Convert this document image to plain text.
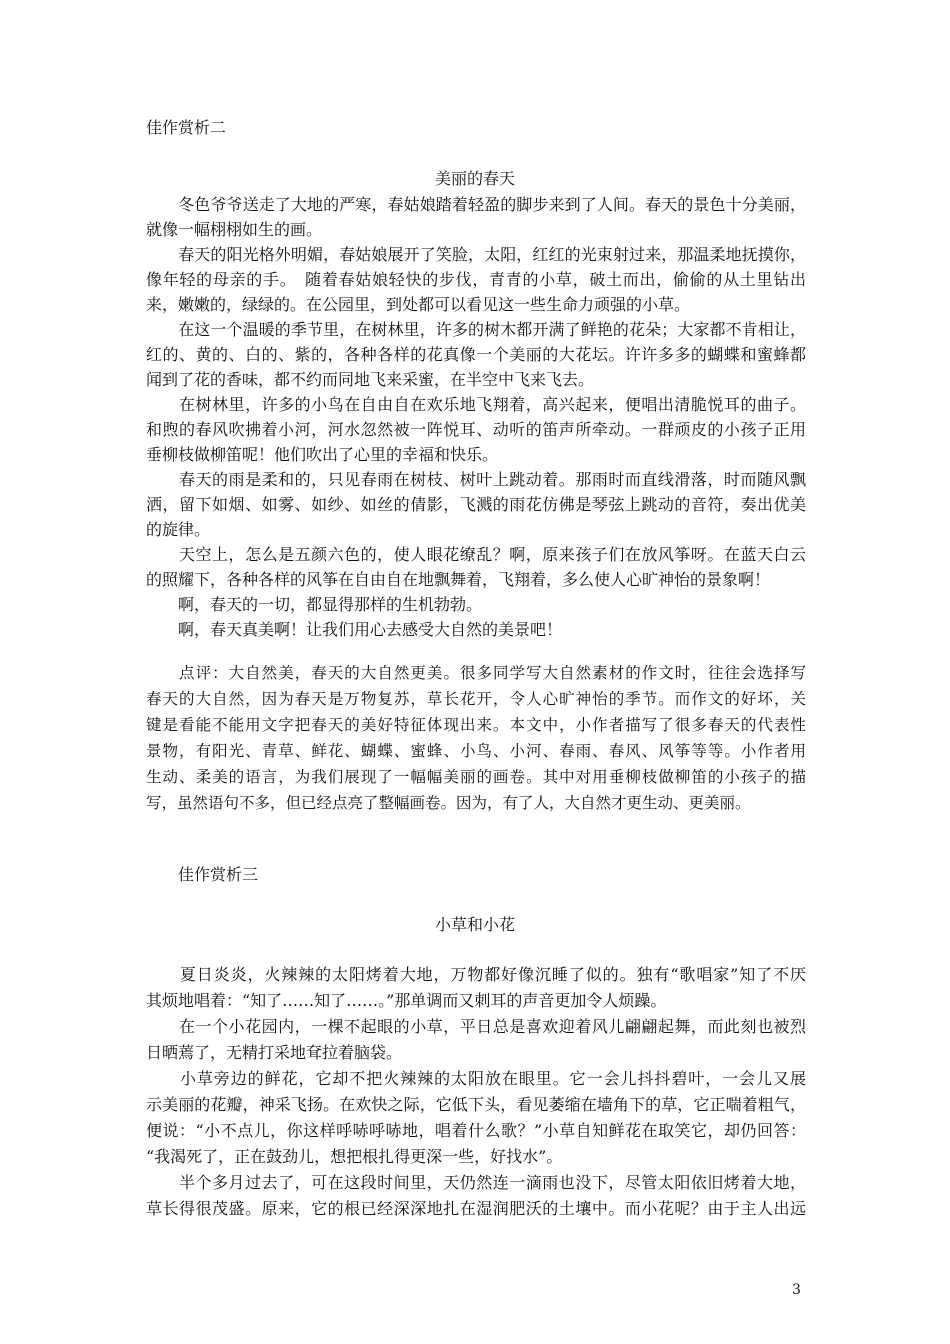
佳作赏析二
美丽的春天
　　冬色爷爷送走了大地的严寒，春姑娘踏着轻盈的脚步来到了人间。春天的景色十分美丽，
就像一幅栩栩如生的画。
　　春天的阳光格外明媚，春姑娘展开了笑脸，太阳，红红的光束射过来，那温柔地抚摸你，
像年轻的母亲的手。　随着春姑娘轻快的步伐，青青的小草，破土而出，偷偷的从土里钻出
来，嫩嫩的，绿绿的。在公园里，到处都可以看见这一些生命力顽强的小草。
　　在这一个温暖的季节里，在树林里，许多的树木都开满了鲜艳的花朵；大家都不肯相让，
红的、黄的、白的、紫的，各种各样的花真像一个美丽的大花坛。许许多多的蝴蝶和蜜蜂都
闻到了花的香味，都不约而同地飞来采蜜，在半空中飞来飞去。
　　在树林里，许多的小鸟在自由自在欢乐地飞翔着，高兴起来，便唱出清脆悦耳的曲子。
和煦的春风吹拂着小河，河水忽然被一阵悦耳、动听的笛声所牵动。一群顽皮的小孩子正用
垂柳枝做柳笛呢！他们吹出了心里的幸福和快乐。
　　春天的雨是柔和的，只见春雨在树枝、树叶上跳动着。那雨时而直线滑落，时而随风飘
洒，留下如烟、如雾、如纱、如丝的倩影，飞溅的雨花仿佛是琴弦上跳动的音符，奏出优美
的旋律。
　　天空上，怎么是五颜六色的，使人眼花缭乱？啊，原来孩子们在放风筝呀。在蓝天白云
的照耀下，各种各样的风筝在自由自在地飘舞着，飞翔着，多么使人心旷神怡的景象啊！
　　啊，春天的一切，都显得那样的生机勃勃。
　　啊，春天真美啊！让我们用心去感受大自然的美景吧！
　　点评：大自然美，春天的大自然更美。很多同学写大自然素材的作文时，往往会选择写
春天的大自然，因为春天是万物复苏，草长花开，令人心旷神怡的季节。而作文的好坏，关
键是看能不能用文字把春天的美好特征体现出来。本文中，小作者描写了很多春天的代表性
景物，有阳光、青草、鲜花、蝴蝶、蜜蜂、小鸟、小河、春雨、春风、风筝等等。小作者用
生动、柔美的语言，为我们展现了一幅幅美丽的画卷。其中对用垂柳枝做柳笛的小孩子的描
写，虽然语句不多，但已经点亮了整幅画卷。因为，有了人，大自然才更生动、更美丽。
佳作赏析三
小草和小花
　　夏日炎炎，火辣辣的太阳烤着大地，万物都好像沉睡了似的。独有“歌唱家”知了不厌
其烦地唱着：“知了……知了……。”那单调而又刺耳的声音更加令人烦躁。
　　在一个小花园内，一棵不起眼的小草，平日总是喜欢迎着风儿翩翩起舞，而此刻也被烈
日晒蔫了，无精打采地耷拉着脑袋。
　　小草旁边的鲜花，它却不把火辣辣的太阳放在眼里。它一会儿抖抖碧叶，一会儿又展
示美丽的花瓣，神采飞扬。在欢快之际，它低下头，看见萎缩在墙角下的草，它正喘着粗气，
便说：“小不点儿，你这样呼哧呼哧地，唱着什么歌？”小草自知鲜花在取笑它，却仍回答：
“我渴死了，正在鼓劲儿，想把根扎得更深一些，好找水”。
　　半个多月过去了，可在这段时间里，天仍然连一滴雨也没下，尽管太阳依旧烤着大地，
草长得很茂盛。原来，它的根已经深深地扎在湿润肥沃的土壤中。而小花呢？由于主人出远
3
